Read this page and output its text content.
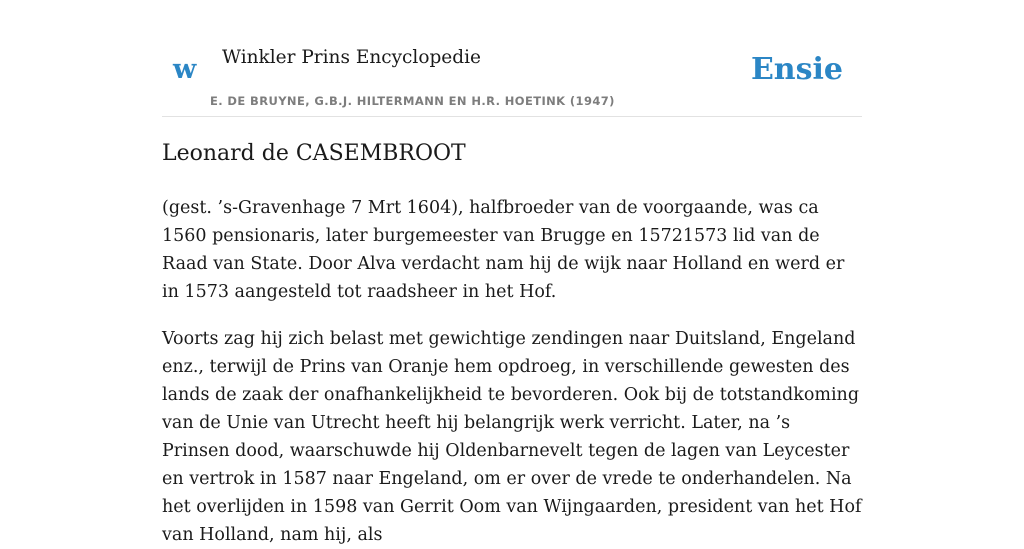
w Winkler Prins Encyclopedie
E. DE BRUYNE, G.B.J. HILTERMANN EN H.R. HOETINK (1947)
Ensie
Leonard de CASEMBROOT

(gest. ’s-Gravenhage 7 Mrt 1604), halfbroeder van de voorgaande, was ca 1560 pensionaris, later burgemeester van Brugge en 15721573 lid van de Raad van State. Door Alva verdacht nam hij de wijk naar Holland en werd er in 1573 aangesteld tot raadsheer in het Hof.

Voorts zag hij zich belast met gewichtige zendingen naar Duitsland, Engeland enz., terwijl de Prins van Oranje hem opdroeg, in verschillende gewesten des lands de zaak der onafhankelijkheid te bevorderen. Ook bij de totstandkoming van de Unie van Utrecht heeft hij belangrijk werk verricht. Later, na ’s Prinsen dood, waarschuwde hij Oldenbarnevelt tegen de lagen van Leycester en vertrok in 1587 naar Engeland, om er over de vrede te onderhandelen. Na het overlijden in 1598 van Gerrit Oom van Wijngaarden, president van het Hof van Holland, nam hij, als
